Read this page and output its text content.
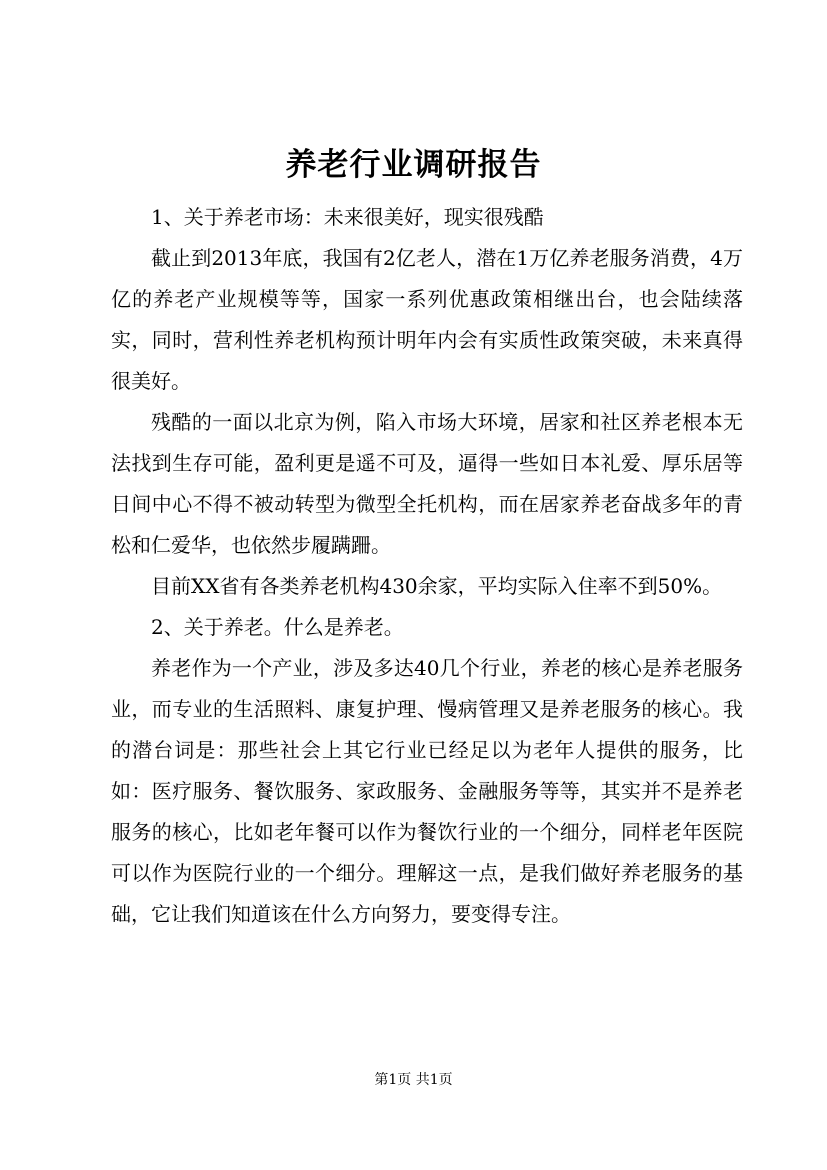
养老行业调研报告

1、关于养老市场：未来很美好，现实很残酷

截止到2013年底，我国有2亿老人，潜在1万亿养老服务消费，4万亿的养老产业规模等等，国家一系列优惠政策相继出台，也会陆续落实，同时，营利性养老机构预计明年内会有实质性政策突破，未来真得很美好。

残酷的一面以北京为例，陷入市场大环境，居家和社区养老根本无法找到生存可能，盈利更是遥不可及，逼得一些如日本礼爱、厚乐居等日间中心不得不被动转型为微型全托机构，而在居家养老奋战多年的青松和仁爱华，也依然步履蹒跚。

目前XX省有各类养老机构430余家，平均实际入住率不到50%。

2、关于养老。什么是养老。

养老作为一个产业，涉及多达40几个行业，养老的核心是养老服务业，而专业的生活照料、康复护理、慢病管理又是养老服务的核心。我的潜台词是：那些社会上其它行业已经足以为老年人提供的服务，比如：医疗服务、餐饮服务、家政服务、金融服务等等，其实并不是养老服务的核心，比如老年餐可以作为餐饮行业的一个细分，同样老年医院可以作为医院行业的一个细分。理解这一点，是我们做好养老服务的基础，它让我们知道该在什么方向努力，要变得专注。

第1页 共1页
